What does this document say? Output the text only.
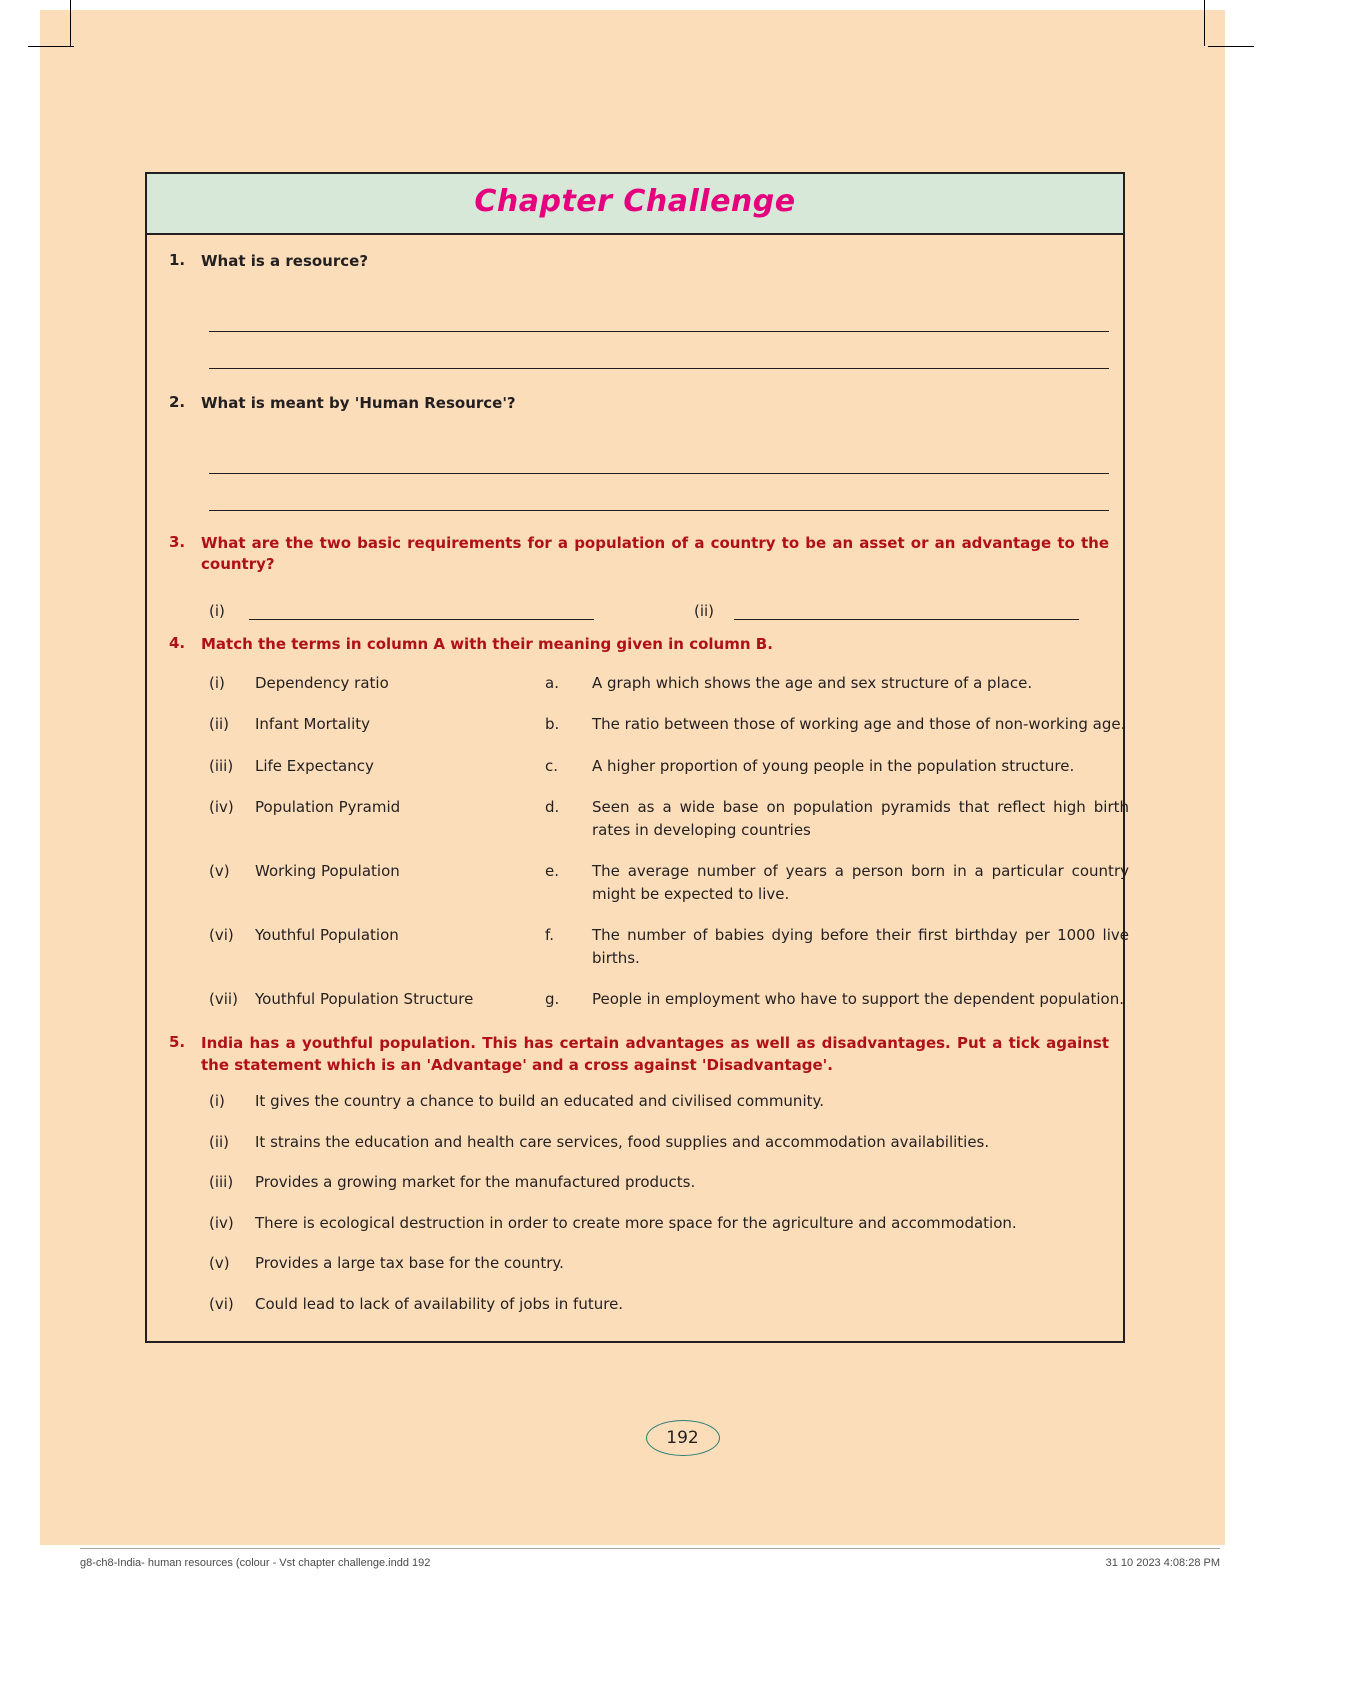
Chapter Challenge
1.	What is a resource?
2.	What is meant by 'Human Resource'?
3.	What are the two basic requirements for a population of a country to be an asset or an advantage to the country?
(i)	(ii)
4.	Match the terms in column A with their meaning given in column B.
(i)	Dependency ratio	a.	A graph which shows the age and sex structure of a place.
(ii)	Infant Mortality	b.	The ratio between those of working age and those of non-working age.
(iii)	Life Expectancy	c.	A higher proportion of young people in the population structure.
(iv)	Population Pyramid	d.	Seen as a wide base on population pyramids that reflect high birth rates in developing countries
(v)	Working Population	e.	The average number of years a person born in a particular country might be expected to live.
(vi)	Youthful Population	f.	The number of babies dying before their first birthday per 1000 live births.
(vii)	Youthful Population Structure	g.	People in employment who have to support the dependent population.
5.	India has a youthful population. This has certain advantages as well as disadvantages. Put a tick against the statement which is an 'Advantage' and a cross against 'Disadvantage'.
(i)	It gives the country a chance to build an educated and civilised community.
(ii)	It strains the education and health care services, food supplies and accommodation availabilities.
(iii)	Provides a growing market for the manufactured products.
(iv)	There is ecological destruction in order to create more space for the agriculture and accommodation.
(v)	Provides a large tax base for the country.
(vi)	Could lead to lack of availability of jobs in future.
192
g8-ch8-India- human resources (colour - Vst chapter challenge.indd 192	31 10 2023 4:08:28 PM
